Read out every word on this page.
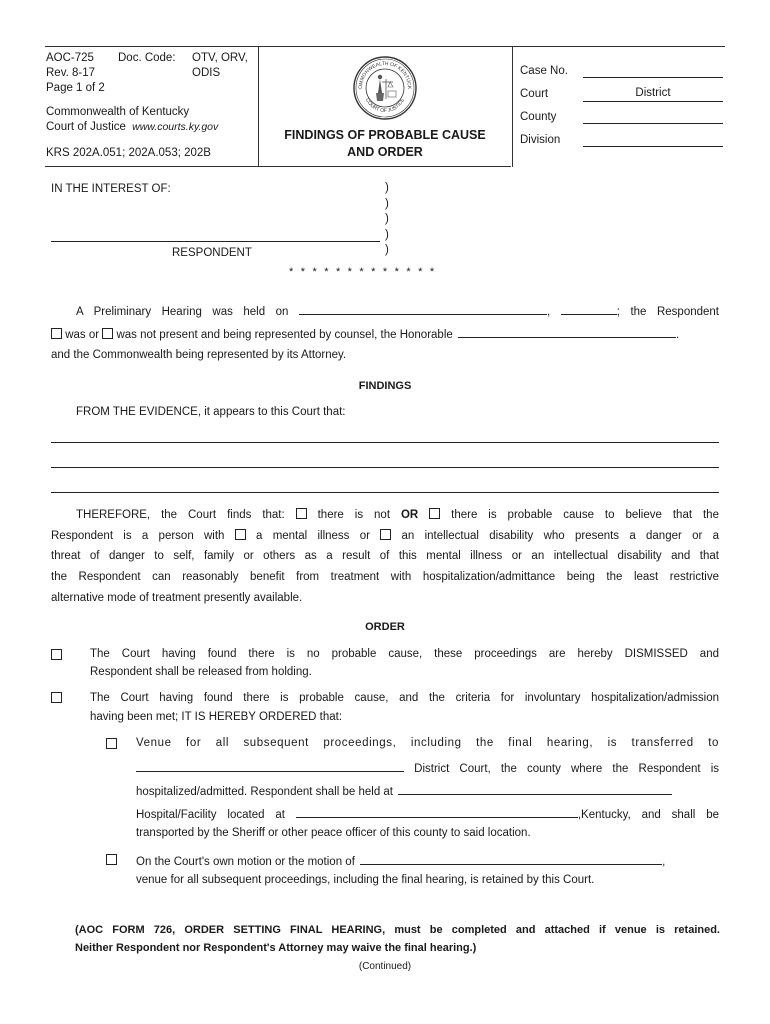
AOC-725 Doc. Code: OTV, ORV,
Rev. 8-17	ODIS
Page 1 of 2
Commonwealth of Kentucky
Court of Justice www.courts.ky.gov
KRS 202A.051; 202A.053; 202B
OMMONWEALTH OF KENTUCK
COURT OF JUSTICE
FINDINGS OF PROBABLE CAUSE
AND ORDER
Case No.
Court	District
County
Division
IN THE INTEREST OF:	)
)
)
)
)
RESPONDENT
* * * * * * * * * * * * *
A Preliminary Hearing was held on	,	; the Respondent
was or was not present and being represented by counsel, the Honorable	.
and the Commonwealth being represented by its Attorney.
FINDINGS
FROM THE EVIDENCE, it appears to this Court that:
THEREFORE, the Court finds that:	there is not OR	there is probable cause to believe that the
Respondent is a person with	a mental illness or	an intellectual disability who presents a danger or a
threat of danger to self, family or others as a result of this mental illness or an intellectual disability and that
the Respondent can reasonably benefit from treatment with hospitalization/admittance being the least restrictive
alternative mode of treatment presently available.
ORDER
The Court having found there is no probable cause, these proceedings are hereby DISMISSED and
Respondent shall be released from holding.
The Court having found there is probable cause, and the criteria for involuntary hospitalization/admission
having been met; IT IS HEREBY ORDERED that:
Venue for all subsequent proceedings, including the final hearing, is transferred to
District Court, the county where the Respondent is
hospitalized/admitted. Respondent shall be held at
Hospital/Facility located at	,Kentucky, and shall be
transported by the Sheriff or other peace officer of this county to said location.
On the Court's own motion or the motion of	,
venue for all subsequent proceedings, including the final hearing, is retained by this Court.
(AOC FORM 726, ORDER SETTING FINAL HEARING, must be completed and attached if venue is retained.
Neither Respondent nor Respondent's Attorney may waive the final hearing.)
(Continued)
